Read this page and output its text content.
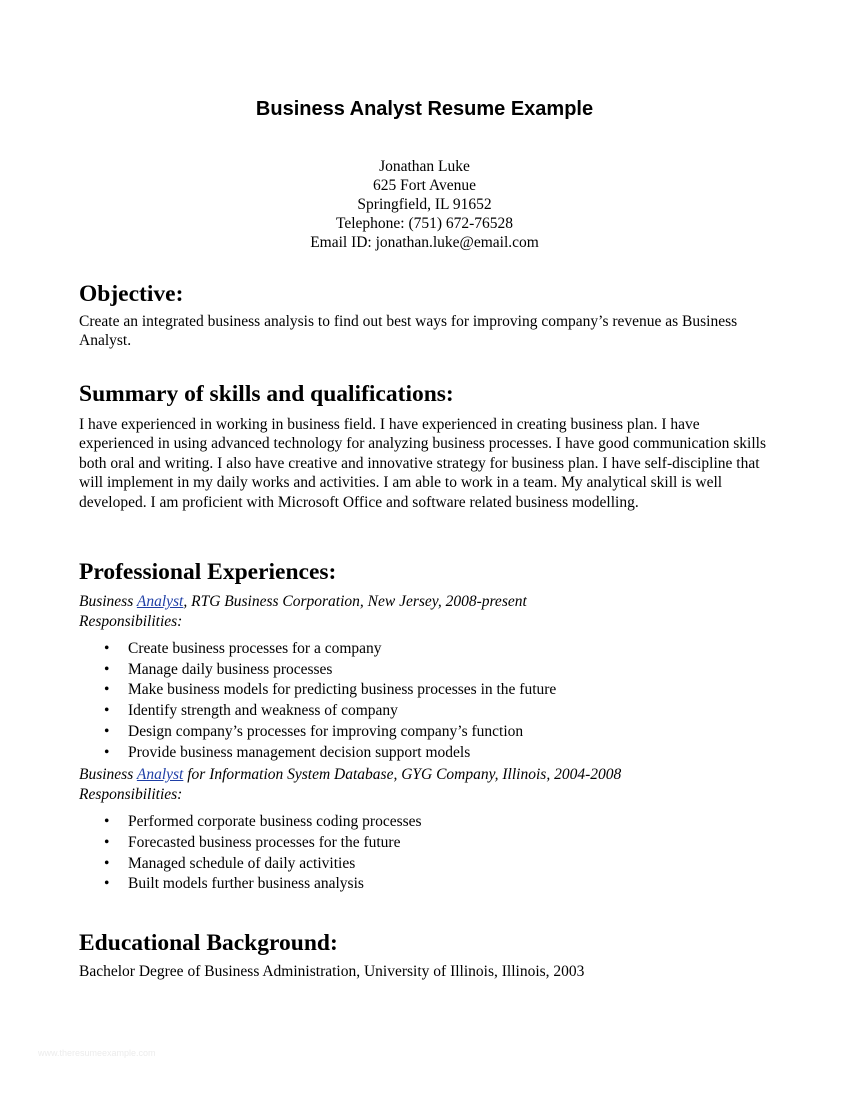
Business Analyst Resume Example
Jonathan Luke
625 Fort Avenue
Springfield, IL 91652
Telephone: (751) 672-76528
Email ID: jonathan.luke@email.com
Objective:

Create an integrated business analysis to find out best ways for improving company’s revenue as Business Analyst.

Summary of skills and qualifications:

I have experienced in working in business field. I have experienced in creating business plan. I have experienced in using advanced technology for analyzing business processes. I have good communication skills both oral and writing. I also have creative and innovative strategy for business plan. I have self-discipline that will implement in my daily works and activities. I am able to work in a team. My analytical skill is well developed. I am proficient with Microsoft Office and software related business modelling.

Professional Experiences:
Business Analyst, RTG Business Corporation, New Jersey, 2008-present
Responsibilities:
• Create business processes for a company
• Manage daily business processes
• Make business models for predicting business processes in the future
• Identify strength and weakness of company
• Design company’s processes for improving company’s function
• Provide business management decision support models
Business Analyst for Information System Database, GYG Company, Illinois, 2004-2008
Responsibilities:
• Performed corporate business coding processes
• Forecasted business processes for the future
• Managed schedule of daily activities
• Built models further business analysis
Educational Background:

Bachelor Degree of Business Administration, University of Illinois, Illinois, 2003

www.theresumeexample.com
